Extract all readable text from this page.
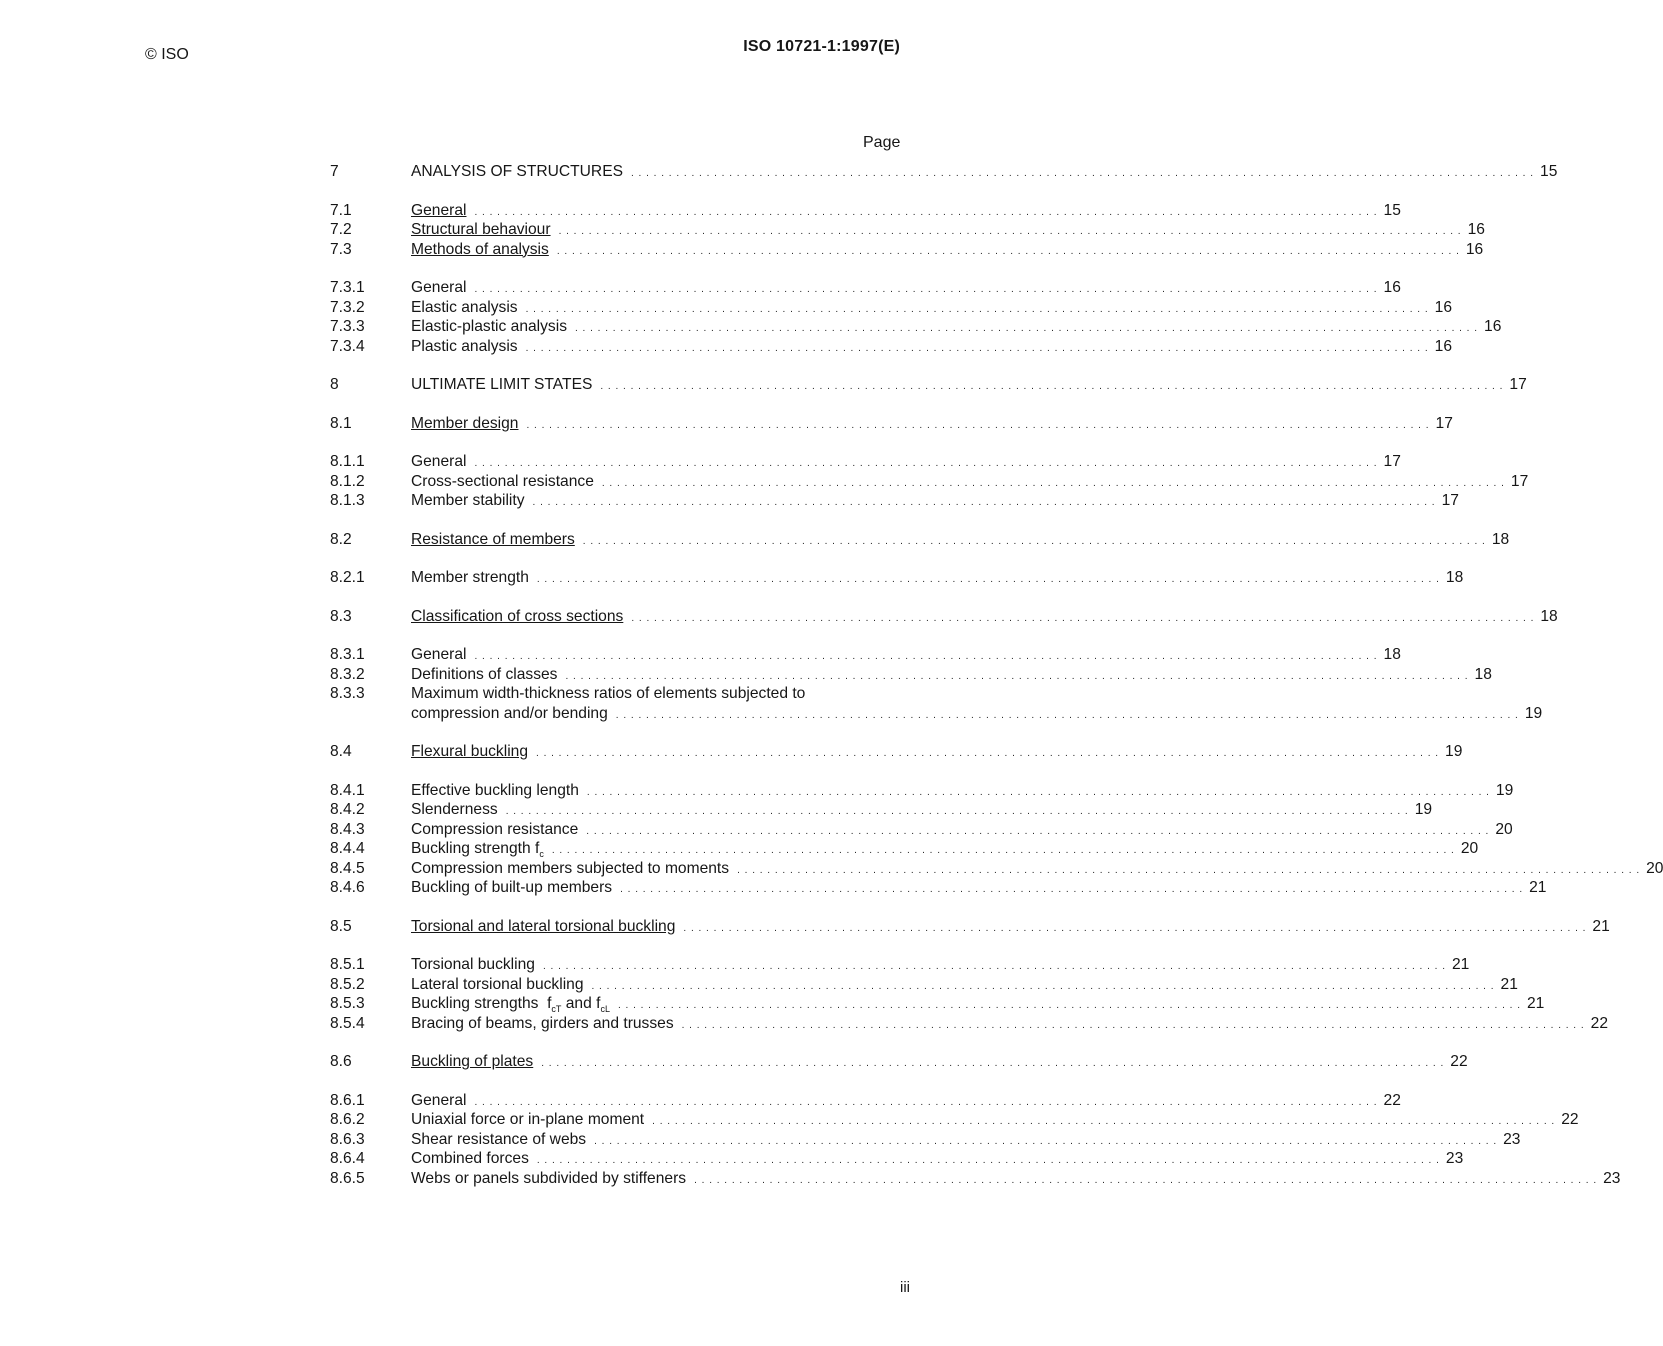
© ISO	ISO 10721-1:1997(E)
Page
7	ANALYSIS OF STRUCTURES . . . . . . . . . . . . . . . . . . . . . . . . . . . . . . . . . . . . . . . . . . . . . . . . . . . . . . . . . . . . . . . . . . . . . . . . . . . . . . . . . . . . . . . . . . . . . . . . . . . . . . . . . . . . . . . . . . . . . . . . 15
7.1	General . . . . . . . . . . . . . . . . . . . . . . . . . . . . . . . . . . . . . . . . . . . . . . . . . . . . . . . . . . . . . . . . . . . . . . . . . . . . . . . . . . . . . . . . . . . . . . . . . . . . . . . . . . . . . . . . . . . . . . . . 15
7.2	Structural behaviour . . . . . . . . . . . . . . . . . . . . . . . . . . . . . . . . . . . . . . . . . . . . . . . . . . . . . . . . . . . . . . . . . . . . . . . . . . . . . . . . . . . . . . . . . . . . . . . . . . . . . . . . . . . . . . . . . . . . . . . . 16
7.3	Methods of analysis . . . . . . . . . . . . . . . . . . . . . . . . . . . . . . . . . . . . . . . . . . . . . . . . . . . . . . . . . . . . . . . . . . . . . . . . . . . . . . . . . . . . . . . . . . . . . . . . . . . . . . . . . . . . . . . . . . . . . . . . 16
7.3.1	General . . . . . . . . . . . . . . . . . . . . . . . . . . . . . . . . . . . . . . . . . . . . . . . . . . . . . . . . . . . . . . . . . . . . . . . . . . . . . . . . . . . . . . . . . . . . . . . . . . . . . . . . . . . . . . . . . . . . . . . . 16
7.3.2	Elastic analysis . . . . . . . . . . . . . . . . . . . . . . . . . . . . . . . . . . . . . . . . . . . . . . . . . . . . . . . . . . . . . . . . . . . . . . . . . . . . . . . . . . . . . . . . . . . . . . . . . . . . . . . . . . . . . . . . . . . . . . . . 16
7.3.3	Elastic-plastic analysis . . . . . . . . . . . . . . . . . . . . . . . . . . . . . . . . . . . . . . . . . . . . . . . . . . . . . . . . . . . . . . . . . . . . . . . . . . . . . . . . . . . . . . . . . . . . . . . . . . . . . . . . . . . . . . . . . . . . . . . . 16
7.3.4	Plastic analysis . . . . . . . . . . . . . . . . . . . . . . . . . . . . . . . . . . . . . . . . . . . . . . . . . . . . . . . . . . . . . . . . . . . . . . . . . . . . . . . . . . . . . . . . . . . . . . . . . . . . . . . . . . . . . . . . . . . . . . . . 16
8	ULTIMATE LIMIT STATES . . . . . . . . . . . . . . . . . . . . . . . . . . . . . . . . . . . . . . . . . . . . . . . . . . . . . . . . . . . . . . . . . . . . . . . . . . . . . . . . . . . . . . . . . . . . . . . . . . . . . . . . . . . . . . . . . . . . . . . . 17
8.1	Member design . . . . . . . . . . . . . . . . . . . . . . . . . . . . . . . . . . . . . . . . . . . . . . . . . . . . . . . . . . . . . . . . . . . . . . . . . . . . . . . . . . . . . . . . . . . . . . . . . . . . . . . . . . . . . . . . . . . . . . . . 17
8.1.1	General . . . . . . . . . . . . . . . . . . . . . . . . . . . . . . . . . . . . . . . . . . . . . . . . . . . . . . . . . . . . . . . . . . . . . . . . . . . . . . . . . . . . . . . . . . . . . . . . . . . . . . . . . . . . . . . . . . . . . . . . 17
8.1.2	Cross-sectional resistance . . . . . . . . . . . . . . . . . . . . . . . . . . . . . . . . . . . . . . . . . . . . . . . . . . . . . . . . . . . . . . . . . . . . . . . . . . . . . . . . . . . . . . . . . . . . . . . . . . . . . . . . . . . . . . . . . . . . . . . . 17
8.1.3	Member stability . . . . . . . . . . . . . . . . . . . . . . . . . . . . . . . . . . . . . . . . . . . . . . . . . . . . . . . . . . . . . . . . . . . . . . . . . . . . . . . . . . . . . . . . . . . . . . . . . . . . . . . . . . . . . . . . . . . . . . . . 17
8.2	Resistance of members . . . . . . . . . . . . . . . . . . . . . . . . . . . . . . . . . . . . . . . . . . . . . . . . . . . . . . . . . . . . . . . . . . . . . . . . . . . . . . . . . . . . . . . . . . . . . . . . . . . . . . . . . . . . . . . . . . . . . . . . 18
8.2.1	Member strength . . . . . . . . . . . . . . . . . . . . . . . . . . . . . . . . . . . . . . . . . . . . . . . . . . . . . . . . . . . . . . . . . . . . . . . . . . . . . . . . . . . . . . . . . . . . . . . . . . . . . . . . . . . . . . . . . . . . . . . . 18
8.3	Classification of cross sections . . . . . . . . . . . . . . . . . . . . . . . . . . . . . . . . . . . . . . . . . . . . . . . . . . . . . . . . . . . . . . . . . . . . . . . . . . . . . . . . . . . . . . . . . . . . . . . . . . . . . . . . . . . . . . . . . . . . . . . . 18
8.3.1	General . . . . . . . . . . . . . . . . . . . . . . . . . . . . . . . . . . . . . . . . . . . . . . . . . . . . . . . . . . . . . . . . . . . . . . . . . . . . . . . . . . . . . . . . . . . . . . . . . . . . . . . . . . . . . . . . . . . . . . . . 18
8.3.2	Definitions of classes . . . . . . . . . . . . . . . . . . . . . . . . . . . . . . . . . . . . . . . . . . . . . . . . . . . . . . . . . . . . . . . . . . . . . . . . . . . . . . . . . . . . . . . . . . . . . . . . . . . . . . . . . . . . . . . . . . . . . . . . 18
8.3.3	Maximum width-thickness ratios of elements subjected to
compression and/or bending . . . . . . . . . . . . . . . . . . . . . . . . . . . . . . . . . . . . . . . . . . . . . . . . . . . . . . . . . . . . . . . . . . . . . . . . . . . . . . . . . . . . . . . . . . . . . . . . . . . . . . . . . . . . . . . . . . . . . . . . 19
8.4	Flexural buckling . . . . . . . . . . . . . . . . . . . . . . . . . . . . . . . . . . . . . . . . . . . . . . . . . . . . . . . . . . . . . . . . . . . . . . . . . . . . . . . . . . . . . . . . . . . . . . . . . . . . . . . . . . . . . . . . . . . . . . . . 19
8.4.1	Effective buckling length . . . . . . . . . . . . . . . . . . . . . . . . . . . . . . . . . . . . . . . . . . . . . . . . . . . . . . . . . . . . . . . . . . . . . . . . . . . . . . . . . . . . . . . . . . . . . . . . . . . . . . . . . . . . . . . . . . . . . . . . 19
8.4.2	Slenderness . . . . . . . . . . . . . . . . . . . . . . . . . . . . . . . . . . . . . . . . . . . . . . . . . . . . . . . . . . . . . . . . . . . . . . . . . . . . . . . . . . . . . . . . . . . . . . . . . . . . . . . . . . . . . . . . . . . . . . . . 19
8.4.3	Compression resistance . . . . . . . . . . . . . . . . . . . . . . . . . . . . . . . . . . . . . . . . . . . . . . . . . . . . . . . . . . . . . . . . . . . . . . . . . . . . . . . . . . . . . . . . . . . . . . . . . . . . . . . . . . . . . . . . . . . . . . . . 20
8.4.4	Buckling strength $f_c$ . . . . . . . . . . . . . . . . . . . . . . . . . . . . . . . . . . . . . . . . . . . . . . . . . . . . . . . . . . . . . . . . . . . . . . . . . . . . . . . . . . . . . . . . . . . . . . . . . . . . . . . . . . . . . . . . . . . . . . . . 20
8.4.5	Compression members subjected to moments . . . . . . . . . . . . . . . . . . . . . . . . . . . . . . . . . . . . . . . . . . . . . . . . . . . . . . . . . . . . . . . . . . . . . . . . . . . . . . . . . . . . . . . . . . . . . . . . . . . . . . . . . . . . . . . . . . . . . . . . 20
8.4.6	Buckling of built-up members . . . . . . . . . . . . . . . . . . . . . . . . . . . . . . . . . . . . . . . . . . . . . . . . . . . . . . . . . . . . . . . . . . . . . . . . . . . . . . . . . . . . . . . . . . . . . . . . . . . . . . . . . . . . . . . . . . . . . . . . 21
8.5	Torsional and lateral torsional buckling . . . . . . . . . . . . . . . . . . . . . . . . . . . . . . . . . . . . . . . . . . . . . . . . . . . . . . . . . . . . . . . . . . . . . . . . . . . . . . . . . . . . . . . . . . . . . . . . . . . . . . . . . . . . . . . . . . . . . . . . 21
8.5.1	Torsional buckling . . . . . . . . . . . . . . . . . . . . . . . . . . . . . . . . . . . . . . . . . . . . . . . . . . . . . . . . . . . . . . . . . . . . . . . . . . . . . . . . . . . . . . . . . . . . . . . . . . . . . . . . . . . . . . . . . . . . . . . . 21
8.5.2	Lateral torsional buckling . . . . . . . . . . . . . . . . . . . . . . . . . . . . . . . . . . . . . . . . . . . . . . . . . . . . . . . . . . . . . . . . . . . . . . . . . . . . . . . . . . . . . . . . . . . . . . . . . . . . . . . . . . . . . . . . . . . . . . . . 21
8.5.3	Buckling strengths  $f_{cT}$ and $f_{cL}$ . . . . . . . . . . . . . . . . . . . . . . . . . . . . . . . . . . . . . . . . . . . . . . . . . . . . . . . . . . . . . . . . . . . . . . . . . . . . . . . . . . . . . . . . . . . . . . . . . . . . . . . . . . . . . . . . . . . . . . . . 21
8.5.4	Bracing of beams, girders and trusses . . . . . . . . . . . . . . . . . . . . . . . . . . . . . . . . . . . . . . . . . . . . . . . . . . . . . . . . . . . . . . . . . . . . . . . . . . . . . . . . . . . . . . . . . . . . . . . . . . . . . . . . . . . . . . . . . . . . . . . . 22
8.6	Buckling of plates . . . . . . . . . . . . . . . . . . . . . . . . . . . . . . . . . . . . . . . . . . . . . . . . . . . . . . . . . . . . . . . . . . . . . . . . . . . . . . . . . . . . . . . . . . . . . . . . . . . . . . . . . . . . . . . . . . . . . . . . 22
8.6.1	General . . . . . . . . . . . . . . . . . . . . . . . . . . . . . . . . . . . . . . . . . . . . . . . . . . . . . . . . . . . . . . . . . . . . . . . . . . . . . . . . . . . . . . . . . . . . . . . . . . . . . . . . . . . . . . . . . . . . . . . . 22
8.6.2	Uniaxial force or in-plane moment . . . . . . . . . . . . . . . . . . . . . . . . . . . . . . . . . . . . . . . . . . . . . . . . . . . . . . . . . . . . . . . . . . . . . . . . . . . . . . . . . . . . . . . . . . . . . . . . . . . . . . . . . . . . . . . . . . . . . . . . 22
8.6.3	Shear resistance of webs . . . . . . . . . . . . . . . . . . . . . . . . . . . . . . . . . . . . . . . . . . . . . . . . . . . . . . . . . . . . . . . . . . . . . . . . . . . . . . . . . . . . . . . . . . . . . . . . . . . . . . . . . . . . . . . . . . . . . . . . 23
8.6.4	Combined forces . . . . . . . . . . . . . . . . . . . . . . . . . . . . . . . . . . . . . . . . . . . . . . . . . . . . . . . . . . . . . . . . . . . . . . . . . . . . . . . . . . . . . . . . . . . . . . . . . . . . . . . . . . . . . . . . . . . . . . . . 23
8.6.5	Webs or panels subdivided by stiffeners . . . . . . . . . . . . . . . . . . . . . . . . . . . . . . . . . . . . . . . . . . . . . . . . . . . . . . . . . . . . . . . . . . . . . . . . . . . . . . . . . . . . . . . . . . . . . . . . . . . . . . . . . . . . . . . . . . . . . . . . 23
iii
